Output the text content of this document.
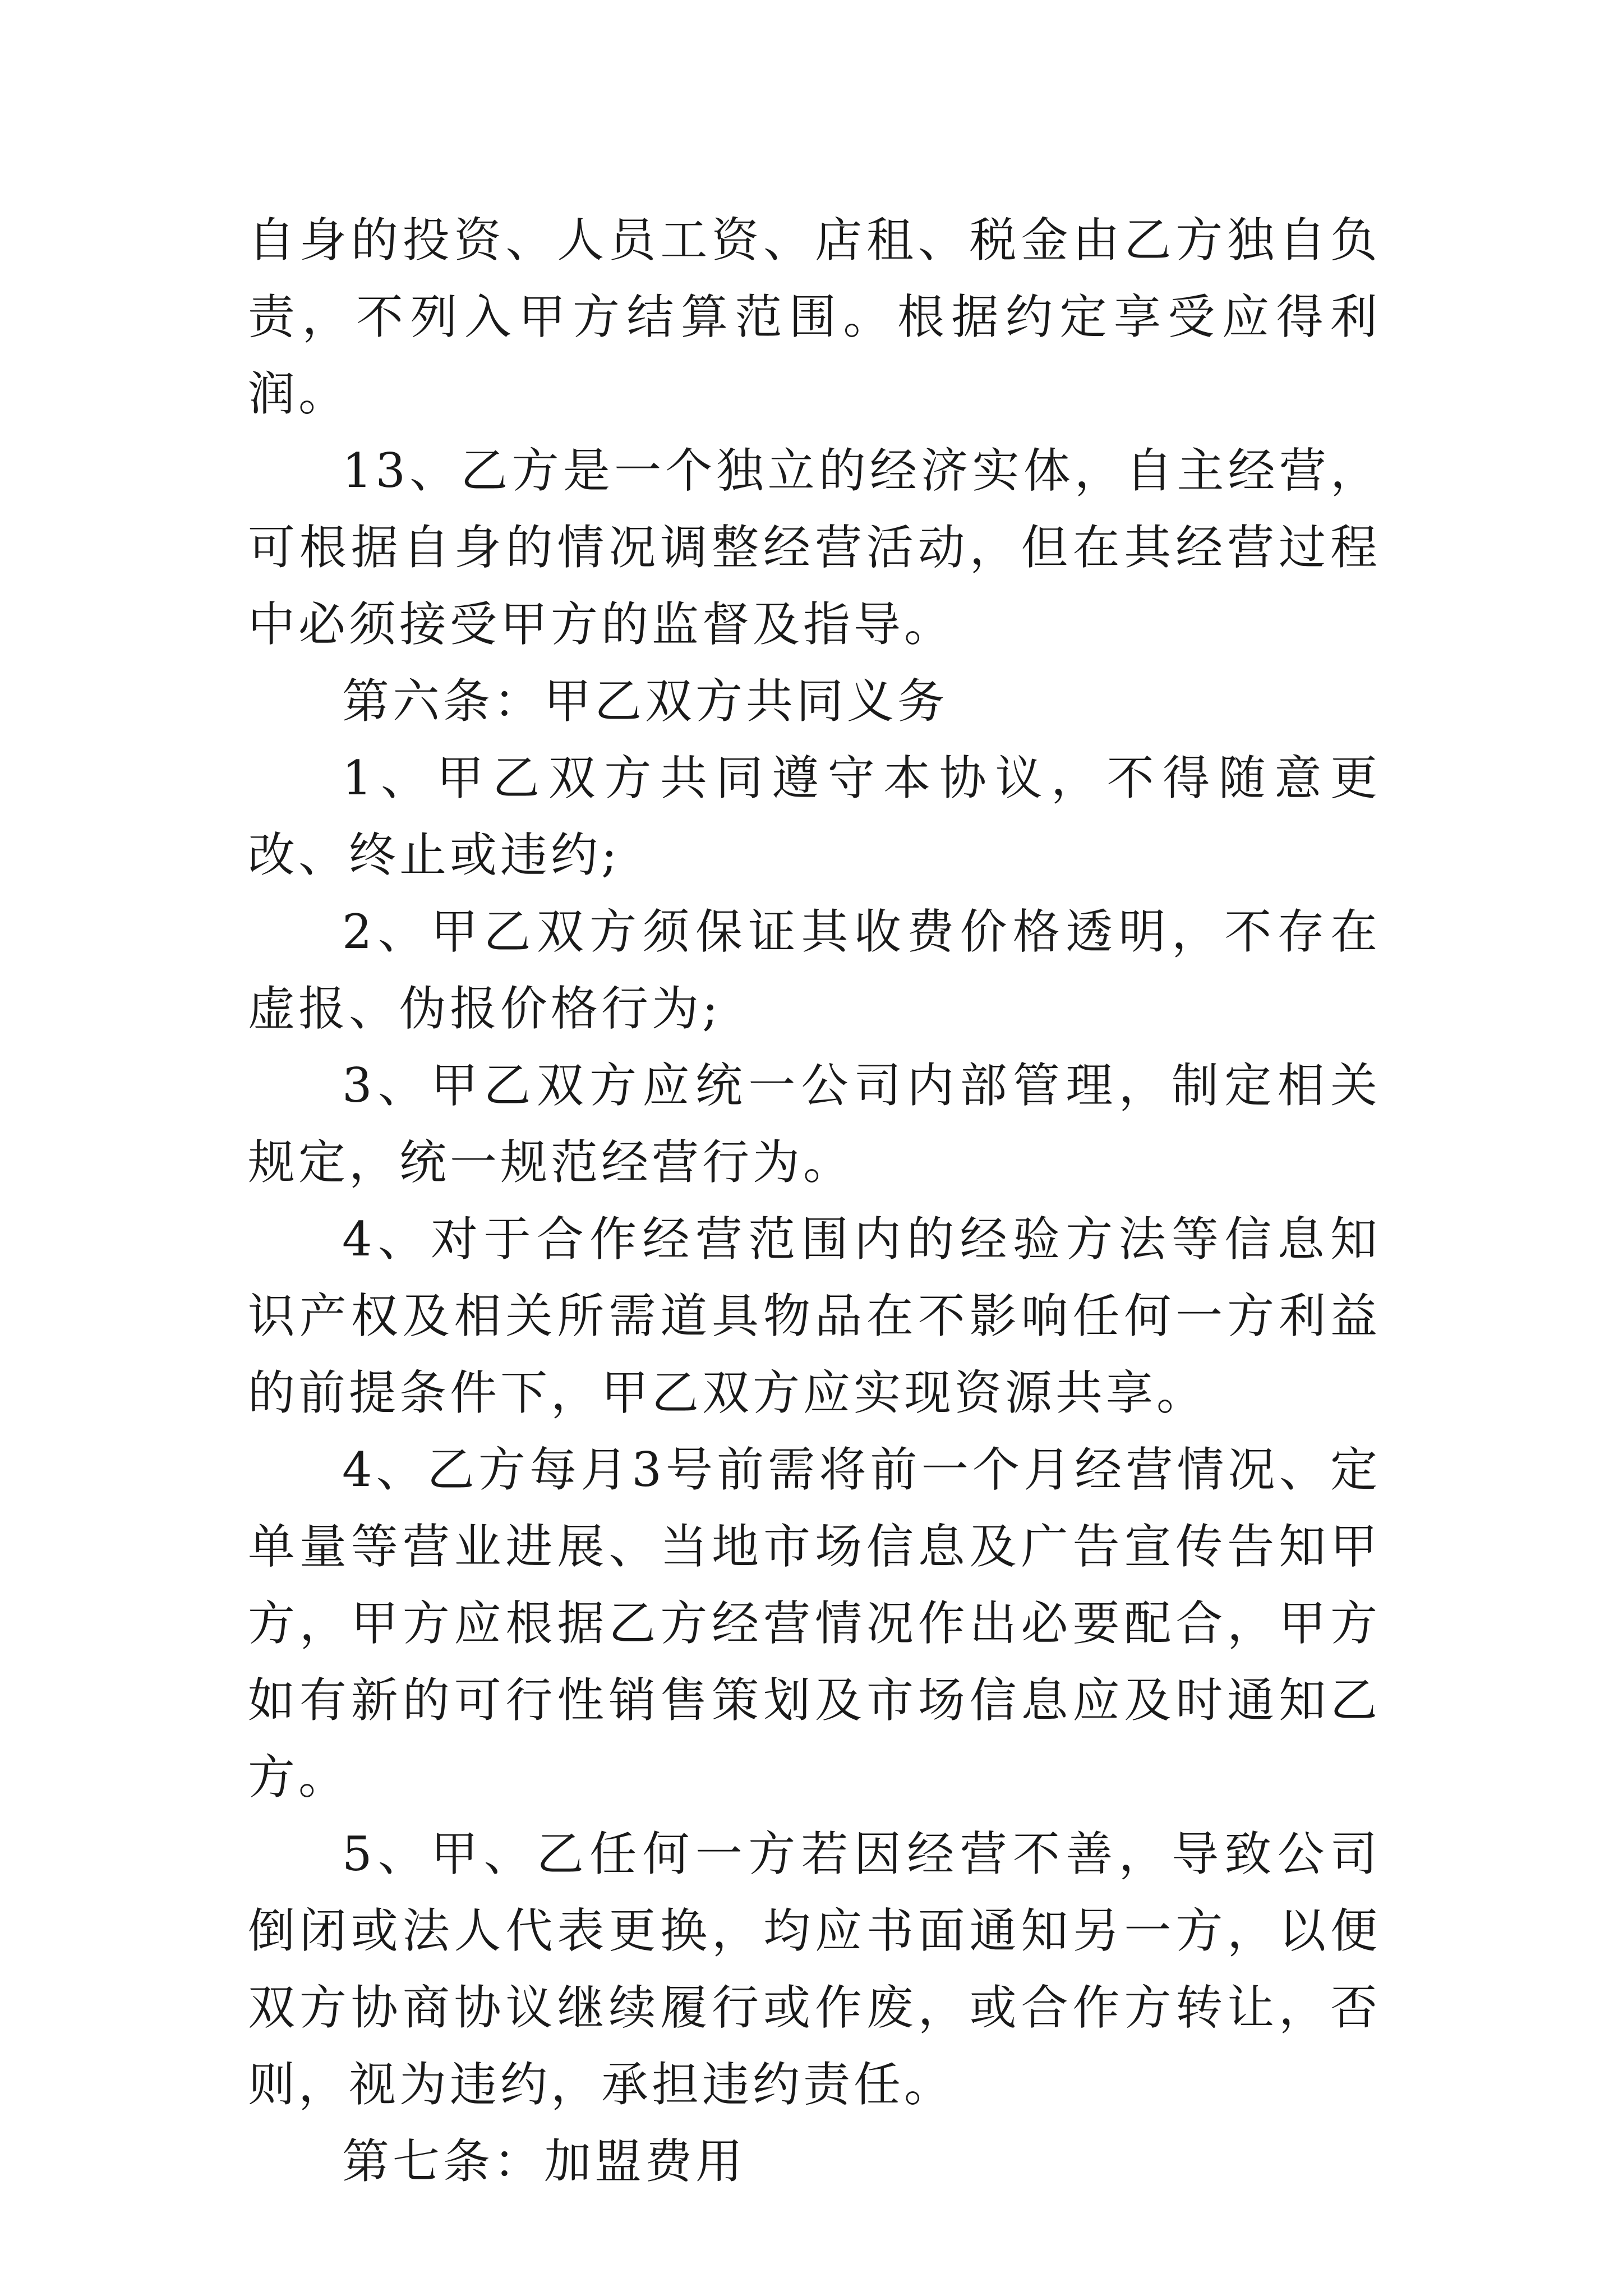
自身的投资、人员工资、店租、税金由乙方独自负责，不列入甲方结算范围。根据约定享受应得利润。

13、乙方是一个独立的经济实体，自主经营，可根据自身的情况调整经营活动，但在其经营过程中必须接受甲方的监督及指导。

第六条：甲乙双方共同义务

1、甲乙双方共同遵守本协议，不得随意更改、终止或违约;

2、甲乙双方须保证其收费价格透明，不存在虚报、伪报价格行为;

3、甲乙双方应统一公司内部管理，制定相关规定，统一规范经营行为。

4、对于合作经营范围内的经验方法等信息知识产权及相关所需道具物品在不影响任何一方利益的前提条件下，甲乙双方应实现资源共享。

4、乙方每月3号前需将前一个月经营情况、定单量等营业进展、当地市场信息及广告宣传告知甲方，甲方应根据乙方经营情况作出必要配合，甲方如有新的可行性销售策划及市场信息应及时通知乙方。

5、甲、乙任何一方若因经营不善，导致公司倒闭或法人代表更换，均应书面通知另一方，以便双方协商协议继续履行或作废，或合作方转让，否则，视为违约，承担违约责任。

第七条：加盟费用
